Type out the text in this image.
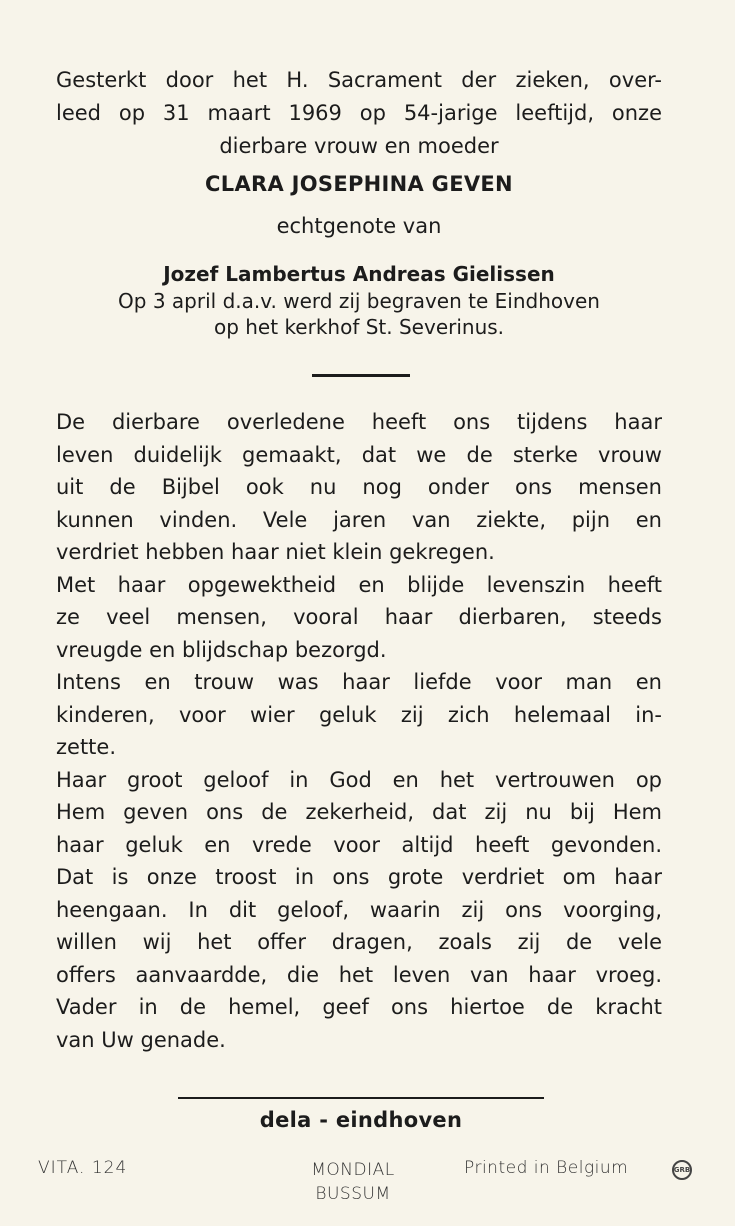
Gesterkt door het H. Sacrament der zieken, over-
leed op 31 maart 1969 op 54-jarige leeftijd, onze
dierbare vrouw en moeder
CLARA JOSEPHINA GEVEN
echtgenote van
Jozef Lambertus Andreas Gielissen
Op 3 april d.a.v. werd zij begraven te Eindhoven
op het kerkhof St. Severinus.
De dierbare overledene heeft ons tijdens haar
leven duidelijk gemaakt, dat we de sterke vrouw
uit de Bijbel ook nu nog onder ons mensen
kunnen vinden. Vele jaren van ziekte, pijn en
verdriet hebben haar niet klein gekregen.
Met haar opgewektheid en blijde levenszin heeft
ze veel mensen, vooral haar dierbaren, steeds
vreugde en blijdschap bezorgd.
Intens en trouw was haar liefde voor man en
kinderen, voor wier geluk zij zich helemaal in-
zette.
Haar groot geloof in God en het vertrouwen op
Hem geven ons de zekerheid, dat zij nu bij Hem
haar geluk en vrede voor altijd heeft gevonden.
Dat is onze troost in ons grote verdriet om haar
heengaan. In dit geloof, waarin zij ons voorging,
willen wij het offer dragen, zoals zij de vele
offers aanvaardde, die het leven van haar vroeg.
Vader in de hemel, geef ons hiertoe de kracht
van Uw genade.
dela - eindhoven
VITA. 124	MONDIAL
BUSSUM
Printed in Belgium	GRB
